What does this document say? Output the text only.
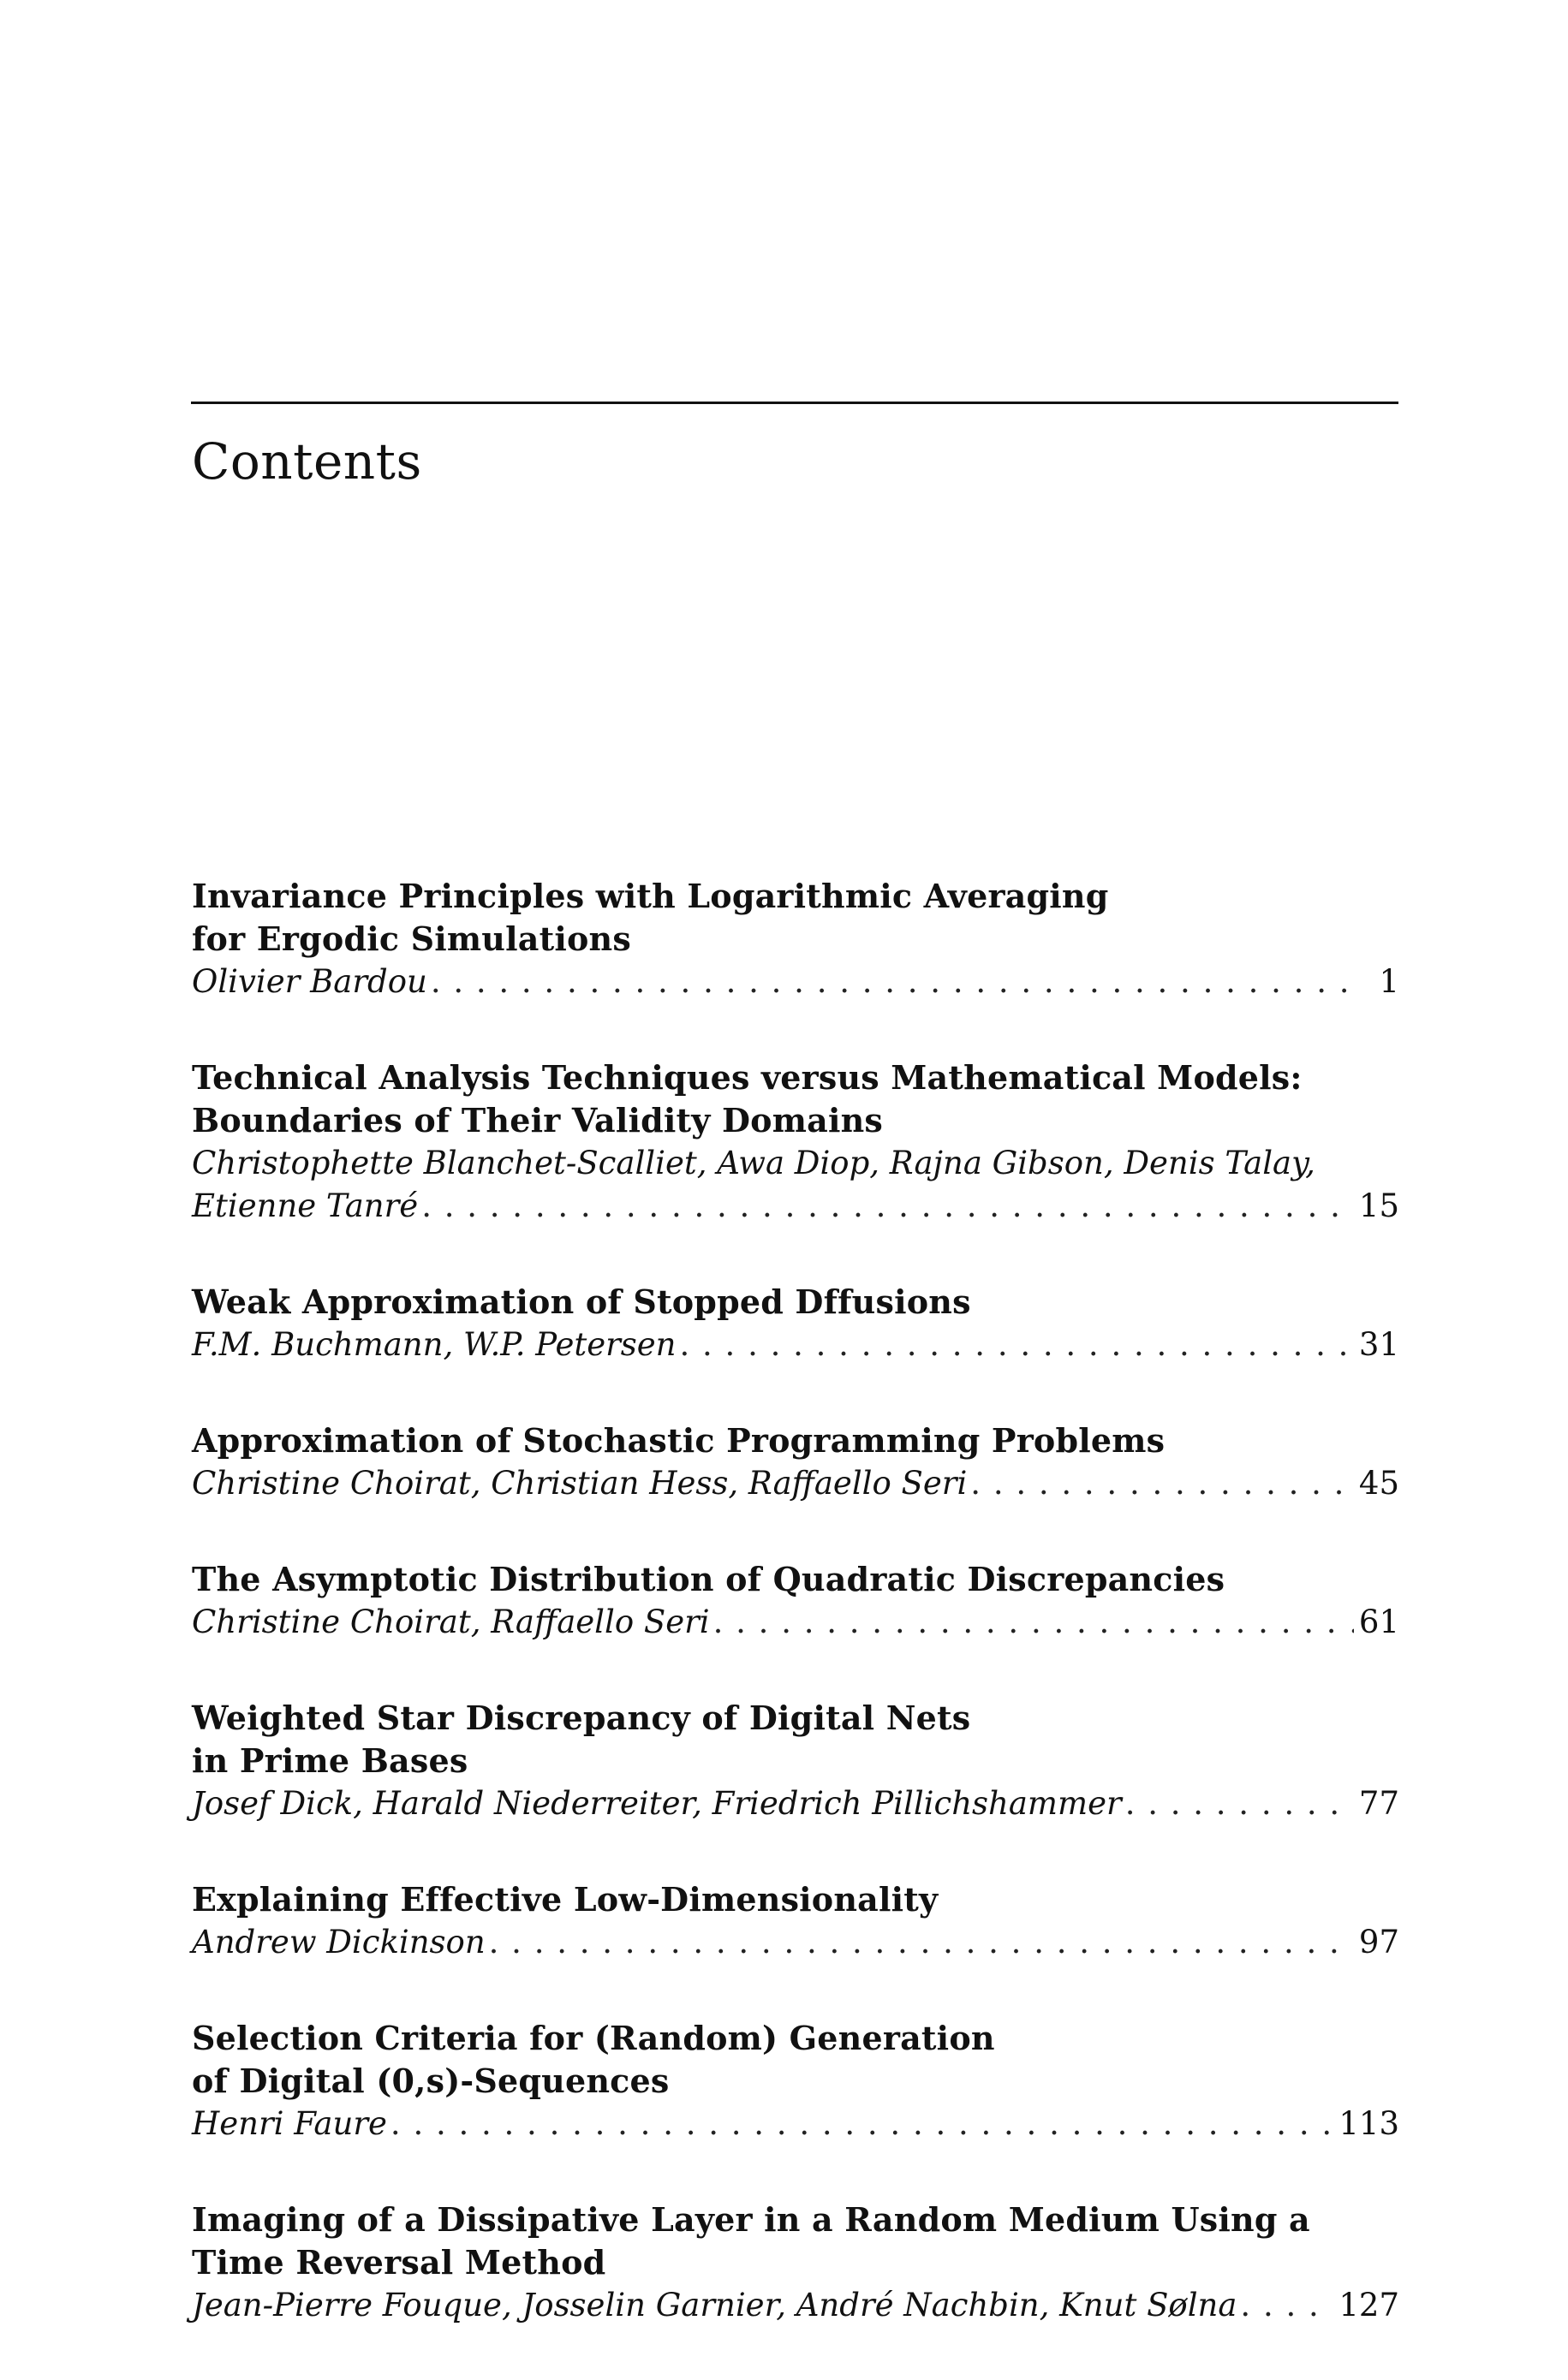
Contents
Invariance Principles with Logarithmic Averaging
for Ergodic Simulations
Olivier Bardou . . .	1
Technical Analysis Techniques versus Mathematical Models:
Boundaries of Their Validity Domains
Christophette Blanchet-Scalliet, Awa Diop, Rajna Gibson, Denis Talay,
Etienne Tanré . . .	15
Weak Approximation of Stopped Dffusions
F.M. Buchmann, W.P. Petersen . . .	31
Approximation of Stochastic Programming Problems
Christine Choirat, Christian Hess, Raffaello Seri . . .	45
The Asymptotic Distribution of Quadratic Discrepancies
Christine Choirat, Raffaello Seri . . .	61
Weighted Star Discrepancy of Digital Nets
in Prime Bases
Josef Dick, Harald Niederreiter, Friedrich Pillichshammer . . .	77
Explaining Effective Low-Dimensionality
Andrew Dickinson . . .	97
Selection Criteria for (Random) Generation
of Digital (0,s)-Sequences
Henri Faure . . .	113
Imaging of a Dissipative Layer in a Random Medium Using a
Time Reversal Method
Jean-Pierre Fouque, Josselin Garnier, André Nachbin, Knut Sølna . . .	127
